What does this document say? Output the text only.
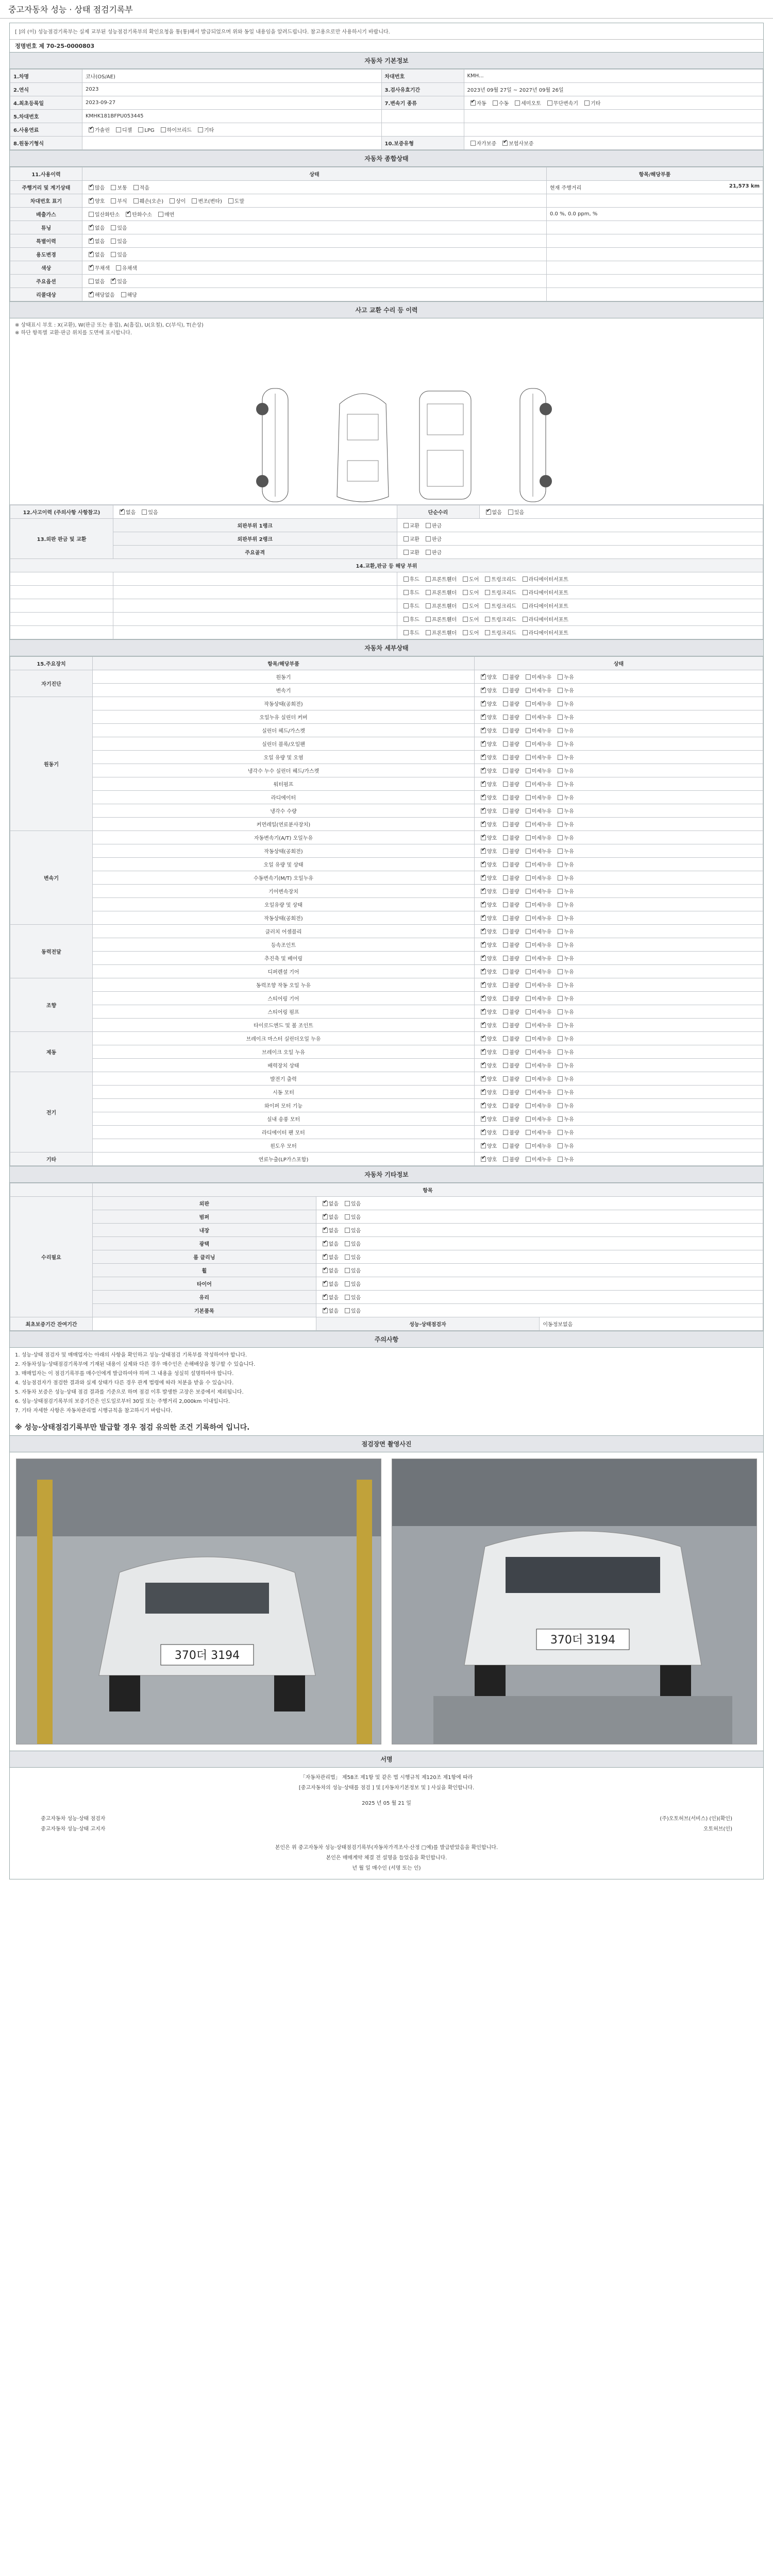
중고자동차 성능 · 상태 점검기록부
[ ]의 (이) 성능점검기록부는 실제 교부된 성능점검기록부의 확인요청을 통(통)해서 발급되었으며 위와 동일 내용임을 알려드립니다. 참고용으로만 사용하시기 바랍니다.
정명번호 제 70-25-0000803
자동차 기본정보
1.차명	코나(OS/AE)	차대번호	KMH...
2.연식	2023	3.검사유효기간	2023년 09월 27일 ~ 2027년 09월 26일
4.최초등록일	2023-09-27	7.변속기 종류	✔자동 수동 세미오토 무단변속기 기타
5.차대번호	KMHK181BFPU053445		
6.사용연료	✔가솔린 디젤 LPG 하이브리드 기타		
8.원동기형식		10.보증유형	자가보증 ✔ 보험사보증
자동차 종합상태
11.사용이력	상태	항목/해당부품
주행거리 및 계기상태	✔많음 보통 적음	현재 주행거리 21,573 km

차대번호 표기	✔양호 부식 훼손(오손) 상이 변조(변타) 도말	
배출가스	일산화탄소 ✔ 탄화수소 매연	0.0 %, 0.0 ppm, %
튜닝	✔없음 있음	
특별이력	✔없음 있음	
용도변경	✔없음 있음	
색상	✔무채색 유채색	
주요옵션	없음 ✔ 있음	
리콜대상	✔해당없음 해당	
사고 교환 수리 등 이력
※ 상태표시 부호 : X(교환), W(판금 또는 용접), A(흠집), U(요철), C(부식), T(손상)
※ 하단 항목별 교환·판금 위치를 도면에 표시합니다.
12.사고이력 (주의사항 사항참고)	✔없음 있음	단순수리	✔없음 있음
13.외판 판금 및 교환	외판부위 1랭크	교환 판금	
	외판부위 2랭크	교환 판금	
	주요골격	교환 판금	
14.교환,판금 등 해당 부위			
		후드 프론트휀더 도어 트렁크리드 라디에이터서포트	
		후드 프론트휀더 도어 트렁크리드 라디에이터서포트	
		후드 프론트휀더 도어 트렁크리드 라디에이터서포트	
		후드 프론트휀더 도어 트렁크리드 라디에이터서포트	
		후드 프론트휀더 도어 트렁크리드 라디에이터서포트	
자동차 세부상태
15.주요장치	항목/해당부품	상태
자기진단	원동기	✔양호 불량 미세누유 누유
	변속기	✔양호 불량 미세누유 누유
원동기	작동상태(공회전)	✔양호 불량 미세누유 누유
	오일누유 실린더 커버	✔양호 불량 미세누유 누유
	실린더 헤드/가스켓	✔양호 불량 미세누유 누유
	실린더 블록/오일팬	✔양호 불량 미세누유 누유
	오일 유량 및 오염	✔양호 불량 미세누유 누유
	냉각수 누수 실린더 헤드/가스켓	✔양호 불량 미세누유 누유
	워터펌프	✔양호 불량 미세누유 누유
	라디에이터	✔양호 불량 미세누유 누유
	냉각수 수량	✔양호 불량 미세누유 누유
	커먼레일(연료분사장치)	✔양호 불량 미세누유 누유
변속기	자동변속기(A/T) 오일누유	✔양호 불량 미세누유 누유
	작동상태(공회전)	✔양호 불량 미세누유 누유
	오일 유량 및 상태	✔양호 불량 미세누유 누유
	수동변속기(M/T) 오일누유	✔양호 불량 미세누유 누유
	기어변속장치	✔양호 불량 미세누유 누유
	오일유량 및 상태	✔양호 불량 미세누유 누유
	작동상태(공회전)	✔양호 불량 미세누유 누유
동력전달	클러치 어셈블리	✔양호 불량 미세누유 누유
	등속조인트	✔양호 불량 미세누유 누유
	추진축 및 베어링	✔양호 불량 미세누유 누유
	디퍼렌셜 기어	✔양호 불량 미세누유 누유
조향	동력조향 작동 오일 누유	✔양호 불량 미세누유 누유
	스티어링 기어	✔양호 불량 미세누유 누유
	스티어링 펌프	✔양호 불량 미세누유 누유
	타이로드엔드 및 볼 조인트	✔양호 불량 미세누유 누유
제동	브레이크 마스터 실린더오일 누유	✔양호 불량 미세누유 누유
	브레이크 오일 누유	✔양호 불량 미세누유 누유
	배력장치 상태	✔양호 불량 미세누유 누유
전기	발전기 출력	✔양호 불량 미세누유 누유
	시동 모터	✔양호 불량 미세누유 누유
	와이퍼 모터 기능	✔양호 불량 미세누유 누유
	실내 송풍 모터	✔양호 불량 미세누유 누유
	라디에이터 팬 모터	✔양호 불량 미세누유 누유
	윈도우 모터	✔양호 불량 미세누유 누유
기타	연료누출(LP가스포함)	✔양호 불량 미세누유 누유
자동차 기타정보
	항목		
수리필요	외판	✔없음 있음
	범퍼	✔없음 있음
	내장	✔없음 있음
	광택	✔없음 있음
	룸 클리닝	✔없음 있음
	휠	✔없음 있음
	타이어	✔없음 있음
	유리	✔없음 있음
	기본품목	✔없음 있음
최초보증기간 잔여기간		성능·상태점검자	이동정보없음
주의사항
1. 성능·상태 점검자 및 매매업자는 아래의 사항을 확인하고 성능·상태점검 기록부를 작성하여야 합니다.
2. 자동차성능·상태점검기록부에 기재된 내용이 실제와 다른 경우 매수인은 손해배상을 청구할 수 있습니다.
3. 매매업자는 이 점검기록부를 매수인에게 발급하여야 하며 그 내용을 성실히 설명하여야 합니다.
4. 성능점검자가 점검한 결과와 실제 상태가 다른 경우 관계 법령에 따라 처분을 받을 수 있습니다.
5. 자동차 보증은 성능·상태 점검 결과를 기준으로 하며 점검 이후 발생한 고장은 보증에서 제외됩니다.
6. 성능·상태점검기록부의 보증기간은 인도일로부터 30일 또는 주행거리 2,000km 이내입니다.
7. 기타 자세한 사항은 자동차관리법 시행규칙을 참고하시기 바랍니다.
※ 성능·상태점검기록부만 발급할 경우 점검 유의한 조건 기록하여 입니다.
점검장면 촬영사진
370더 3194
370더 3194
서명
「자동차관리법」 제58조 제1항 및 같은 법 시행규칙 제120조 제1항에 따라
[중고자동차의 성능·상태를 점검 ] 및 [자동차기본정보 및 ] 사실을 확인합니다.
2025 년 05 월 21 일
중고자동차 성능·상태 점검자	(주)오토허브(서비스) (인)(확인)
중고자동차 성능·상태 고지자	오토허브(인)
본인은 위 중고자동차 성능·상태점검기록부(자동차가격조사·산정 □예)를 발급받았음을 확인합니다.
본인은 매매계약 체결 전 설명을 들었음을 확인합니다.
년 월 일 매수인 (서명 또는 인)
